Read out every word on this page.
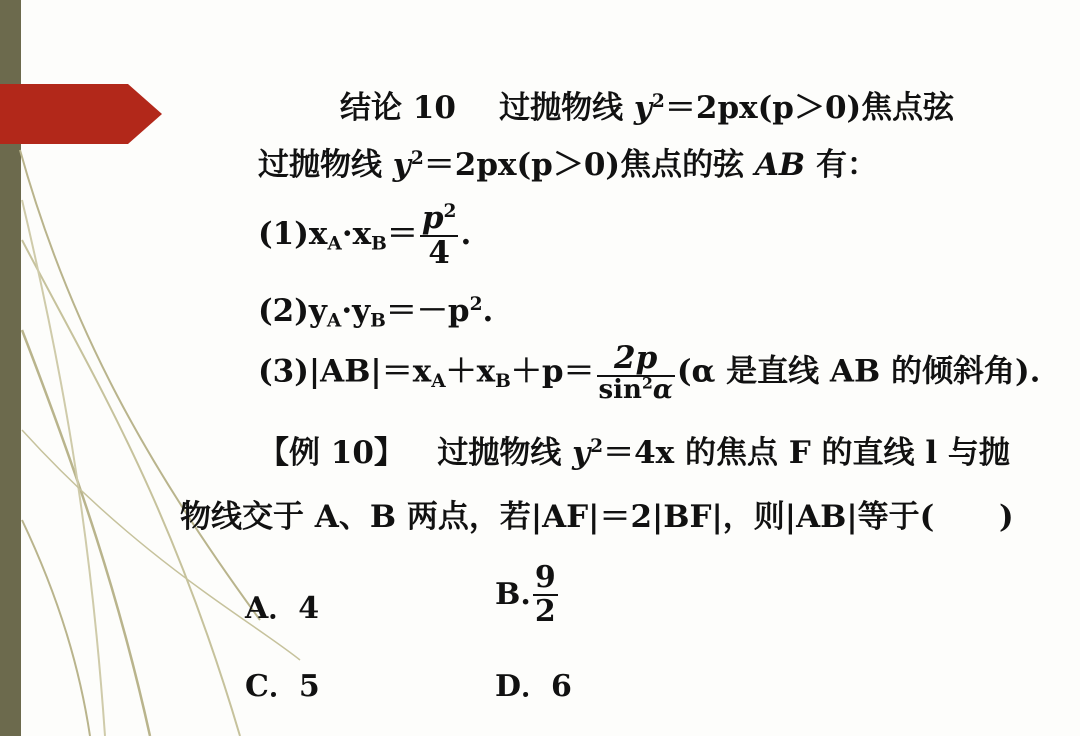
结论 10 过抛物线 $y^2=2px(p>0)$焦点弦
过抛物线 $y^2=2px(p>0)$焦点的弦 AB 有：
$(1)x_A\cdot x_B= \frac{p^2}{4}$ .
$(2)y_A\cdot y_B=-p^2$.
$(3)|AB|=x_A+x_B+p= \frac{2p}{\sin^2\alpha} (\alpha$ 是直线 AB 的倾斜角).
【例 10】 过抛物线 $y^2=4x$ 的焦点 F 的直线 l 与抛
物线交于 A、B 两点，若|AF|＝2|BF|，则|AB|等于( )
A．4	B. $\frac{9}{2}$
C．5	D．6
